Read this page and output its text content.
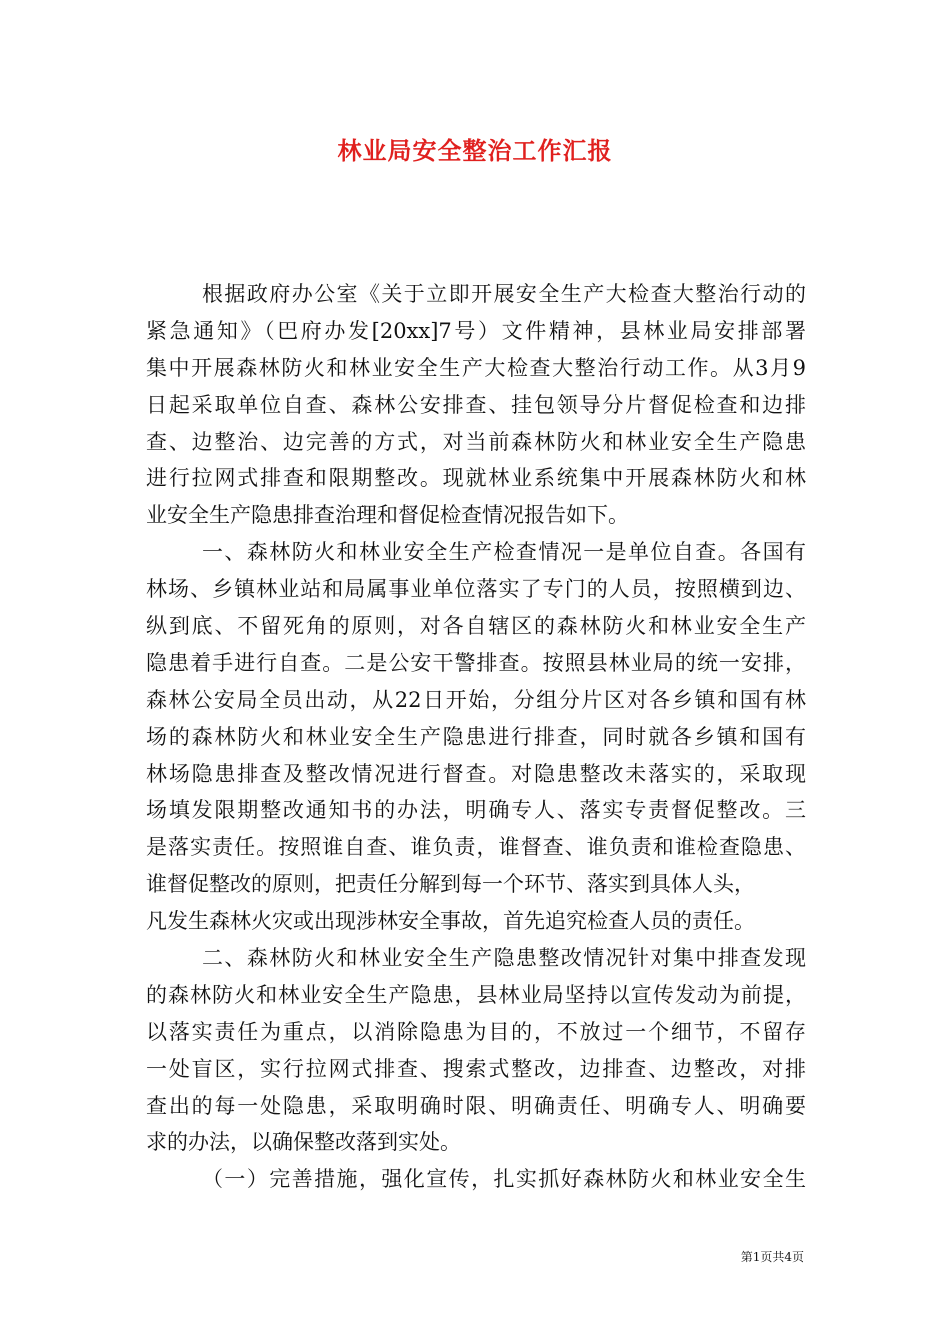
林业局安全整治工作汇报
根据政府办公室《关于立即开展安全生产大检查大整治行动的
紧急通知》（巴府办发[20xx]7号）文件精神，县林业局安排部署
集中开展森林防火和林业安全生产大检查大整治行动工作。从3月9
日起采取单位自查、森林公安排查、挂包领导分片督促检查和边排
查、边整治、边完善的方式，对当前森林防火和林业安全生产隐患
进行拉网式排查和限期整改。现就林业系统集中开展森林防火和林
业安全生产隐患排查治理和督促检查情况报告如下。
一、森林防火和林业安全生产检查情况一是单位自查。各国有
林场、乡镇林业站和局属事业单位落实了专门的人员，按照横到边、
纵到底、不留死角的原则，对各自辖区的森林防火和林业安全生产
隐患着手进行自查。二是公安干警排查。按照县林业局的统一安排，
森林公安局全员出动，从22日开始，分组分片区对各乡镇和国有林
场的森林防火和林业安全生产隐患进行排查，同时就各乡镇和国有
林场隐患排查及整改情况进行督查。对隐患整改未落实的，采取现
场填发限期整改通知书的办法，明确专人、落实专责督促整改。三
是落实责任。按照谁自查、谁负责，谁督查、谁负责和谁检查隐患、
谁督促整改的原则，把责任分解到每一个环节、落实到具体人头，
凡发生森林火灾或出现涉林安全事故，首先追究检查人员的责任。
二、森林防火和林业安全生产隐患整改情况针对集中排查发现
的森林防火和林业安全生产隐患，县林业局坚持以宣传发动为前提，
以落实责任为重点，以消除隐患为目的，不放过一个细节，不留存
一处盲区，实行拉网式排查、搜索式整改，边排查、边整改，对排
查出的每一处隐患，采取明确时限、明确责任、明确专人、明确要
求的办法，以确保整改落到实处。
（一）完善措施，强化宣传，扎实抓好森林防火和林业安全生
第1页共4页
